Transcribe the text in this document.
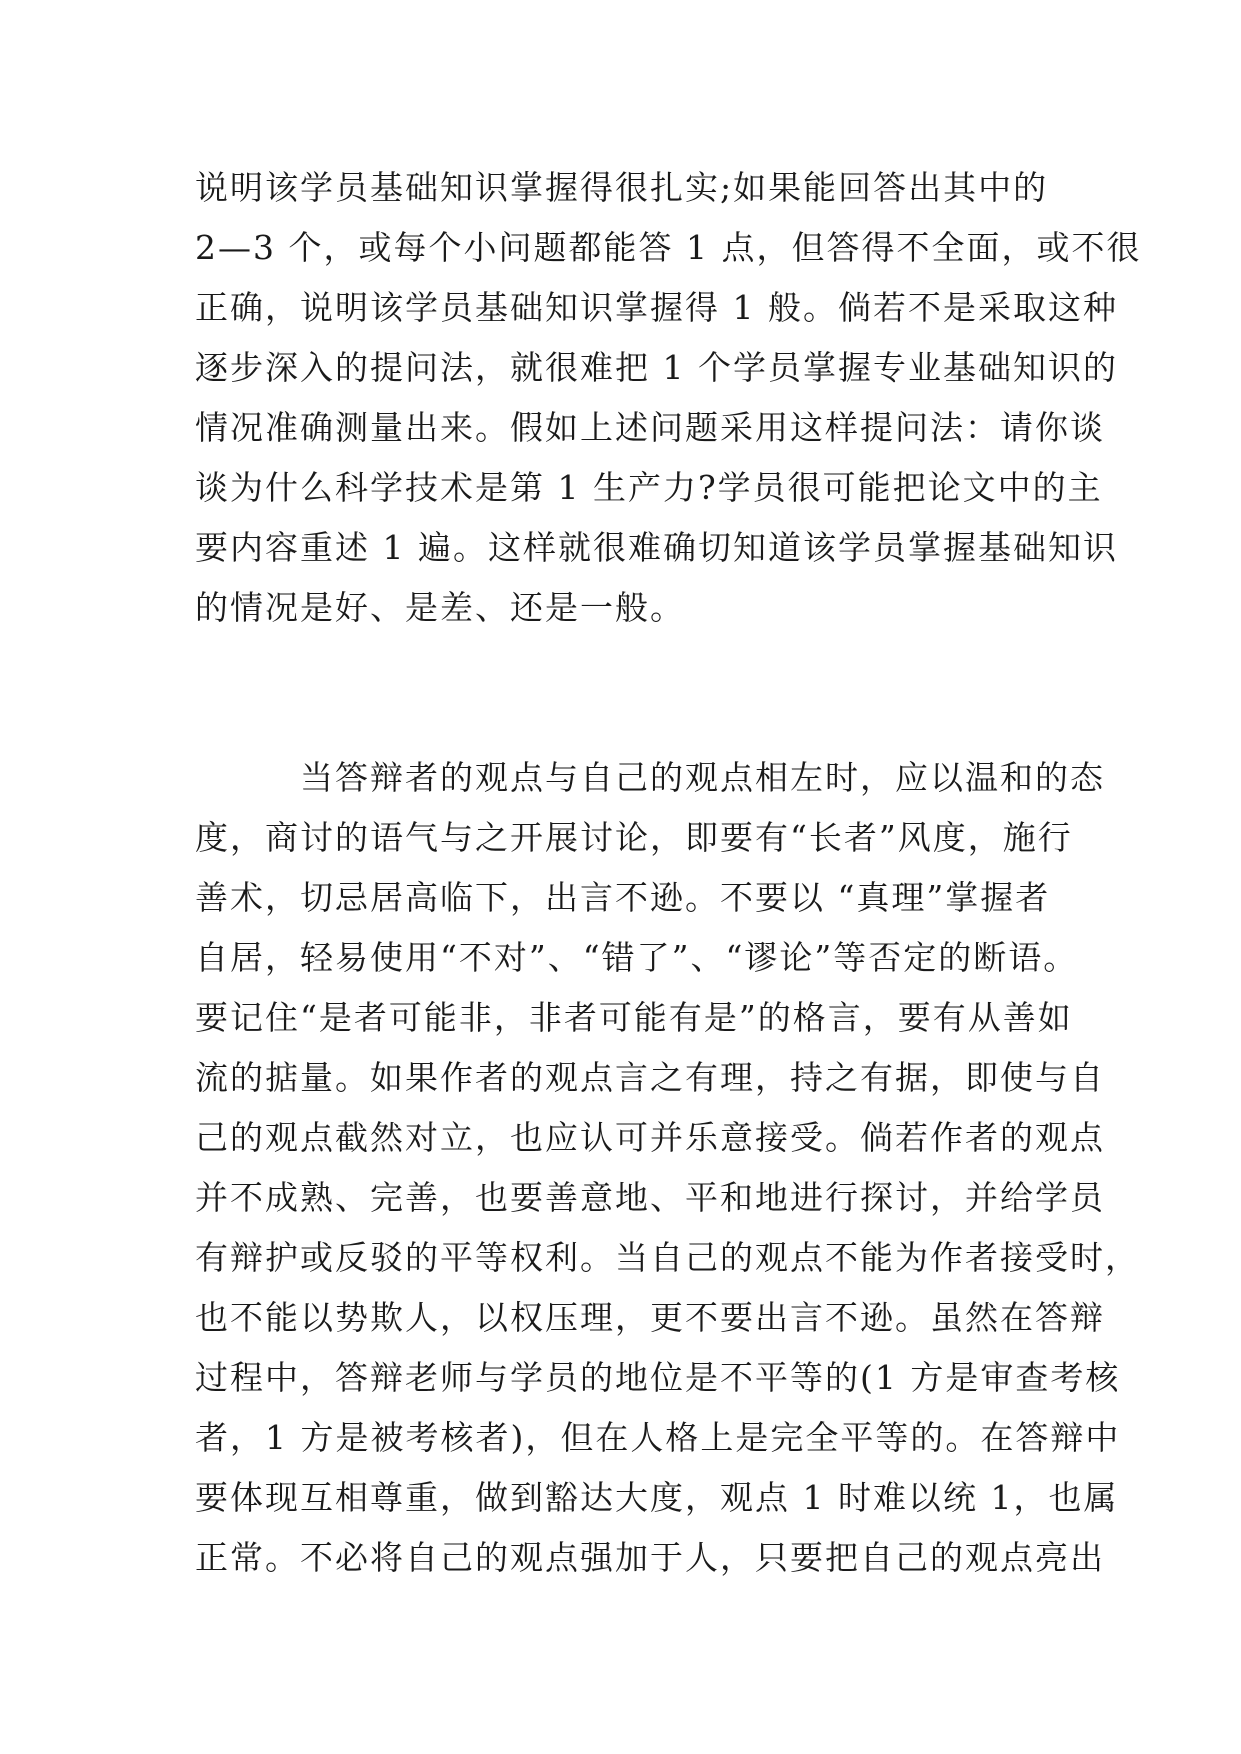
说明该学员基础知识掌握得很扎实;如果能回答出其中的
2—3 个，或每个小问题都能答 1 点，但答得不全面，或不很
正确，说明该学员基础知识掌握得 1 般。倘若不是采取这种
逐步深入的提问法，就很难把 1 个学员掌握专业基础知识的
情况准确测量出来。假如上述问题采用这样提问法：请你谈
谈为什么科学技术是第 1 生产力?学员很可能把论文中的主
要内容重述 1 遍。这样就很难确切知道该学员掌握基础知识
的情况是好、是差、还是一般。
当答辩者的观点与自己的观点相左时，应以温和的态
度，商讨的语气与之开展讨论，即要有“长者”风度，施行
善术，切忌居高临下，出言不逊。不要以 “真理”掌握者
自居，轻易使用“不对”、“错了”、“谬论”等否定的断语。
要记住“是者可能非，非者可能有是”的格言，要有从善如
流的掂量。如果作者的观点言之有理，持之有据，即使与自
己的观点截然对立，也应认可并乐意接受。倘若作者的观点
并不成熟、完善，也要善意地、平和地进行探讨，并给学员
有辩护或反驳的平等权利。当自己的观点不能为作者接受时，
也不能以势欺人，以权压理，更不要出言不逊。虽然在答辩
过程中，答辩老师与学员的地位是不平等的(1 方是审查考核
者，1 方是被考核者)，但在人格上是完全平等的。在答辩中
要体现互相尊重，做到豁达大度，观点 1 时难以统 1，也属
正常。不必将自己的观点强加于人，只要把自己的观点亮出
